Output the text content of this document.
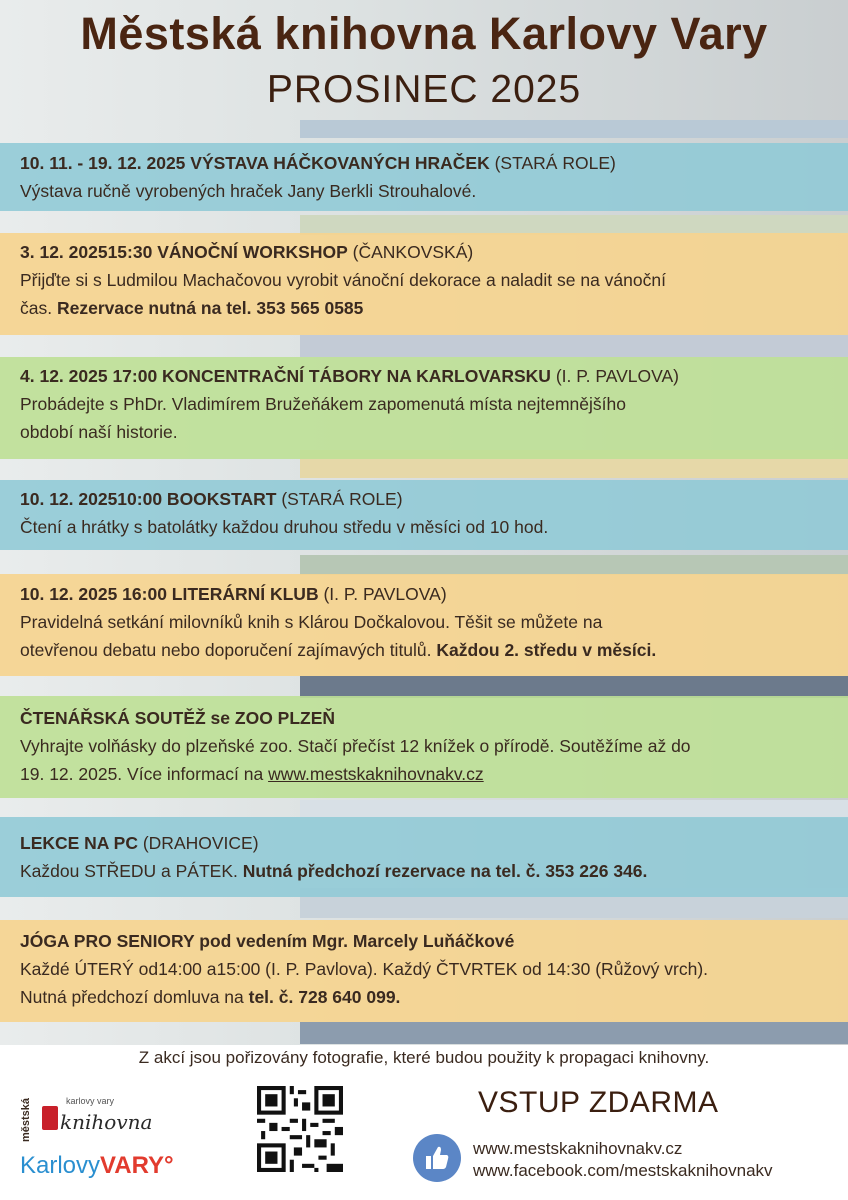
Městská knihovna Karlovy Vary
PROSINEC 2025
10. 11. - 19. 12. 2025 VÝSTAVA HÁČKOVANÝCH HRAČEK (STARÁ ROLE)
Výstava ručně vyrobených hraček Jany Berkli Strouhalové.
3. 12. 202515:30 VÁNOČNÍ WORKSHOP (ČANKOVSKÁ)
Přijďte si s Ludmilou Machačovou vyrobit vánoční dekorace a naladit se na vánoční
čas. Rezervace nutná na tel. 353 565 0585
4. 12. 2025 17:00 KONCENTRAČNÍ TÁBORY NA KARLOVARSKU (I. P. PAVLOVA)
Probádejte s PhDr. Vladimírem Bružeňákem zapomenutá místa nejtemnějšího
období naší historie.
10. 12. 202510:00 BOOKSTART (STARÁ ROLE)
Čtení a hrátky s batolátky každou druhou středu v měsíci od 10 hod.
10. 12. 2025 16:00 LITERÁRNÍ KLUB (I. P. PAVLOVA)
Pravidelná setkání milovníků knih s Klárou Dočkalovou. Těšit se můžete na
otevřenou debatu nebo doporučení zajímavých titulů. Každou 2. středu v měsíci.
ČTENÁŘSKÁ SOUTĚŽ se ZOO PLZEŇ
Vyhrajte volňásky do plzeňské zoo. Stačí přečíst 12 knížek o přírodě. Soutěžíme až do
19. 12. 2025. Více informací na www.mestskaknihovnakv.cz
LEKCE NA PC (DRAHOVICE)
Každou STŘEDU a PÁTEK. Nutná předchozí rezervace na tel. č. 353 226 346.
JÓGA PRO SENIORY pod vedením Mgr. Marcely Luňáčkové
Každé ÚTERÝ od14:00 a15:00 (I. P. Pavlova). Každý ČTVRTEK od 14:30 (Růžový vrch).
Nutná předchozí domluva na tel. č. 728 640 099.
Z akcí jsou pořizovány fotografie, které budou použity k propagaci knihovny.
městská	karlovy vary
knihovna
KarlovyVARY°
VSTUP ZDARMA
www.mestskaknihovnakv.cz
www.facebook.com/mestskaknihovnakv
